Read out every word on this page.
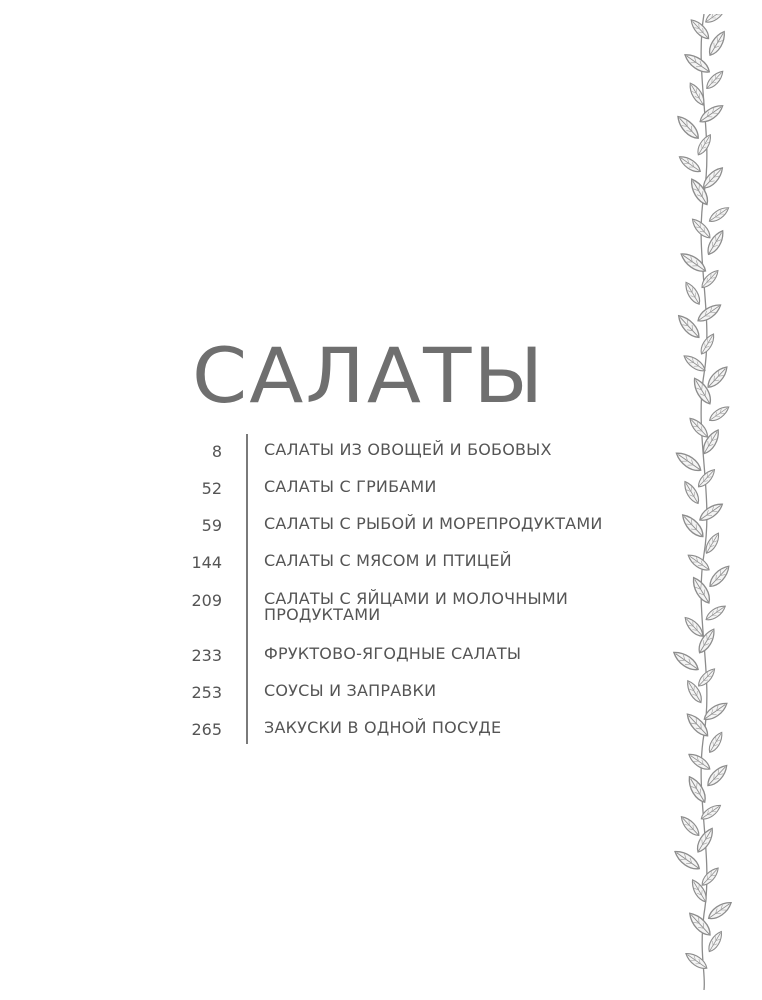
САЛАТЫ
8	САЛАТЫ ИЗ ОВОЩЕЙ И БОБОВЫХ
52	САЛАТЫ С ГРИБАМИ
59	САЛАТЫ С РЫБОЙ И МОРЕПРОДУКТАМИ
144	САЛАТЫ С МЯСОМ И ПТИЦЕЙ
209	САЛАТЫ С ЯЙЦАМИ И МОЛОЧНЫМИ ПРОДУКТАМИ
233	ФРУКТОВО-ЯГОДНЫЕ САЛАТЫ
253	СОУСЫ И ЗАПРАВКИ
265	ЗАКУСКИ В ОДНОЙ ПОСУДЕ
